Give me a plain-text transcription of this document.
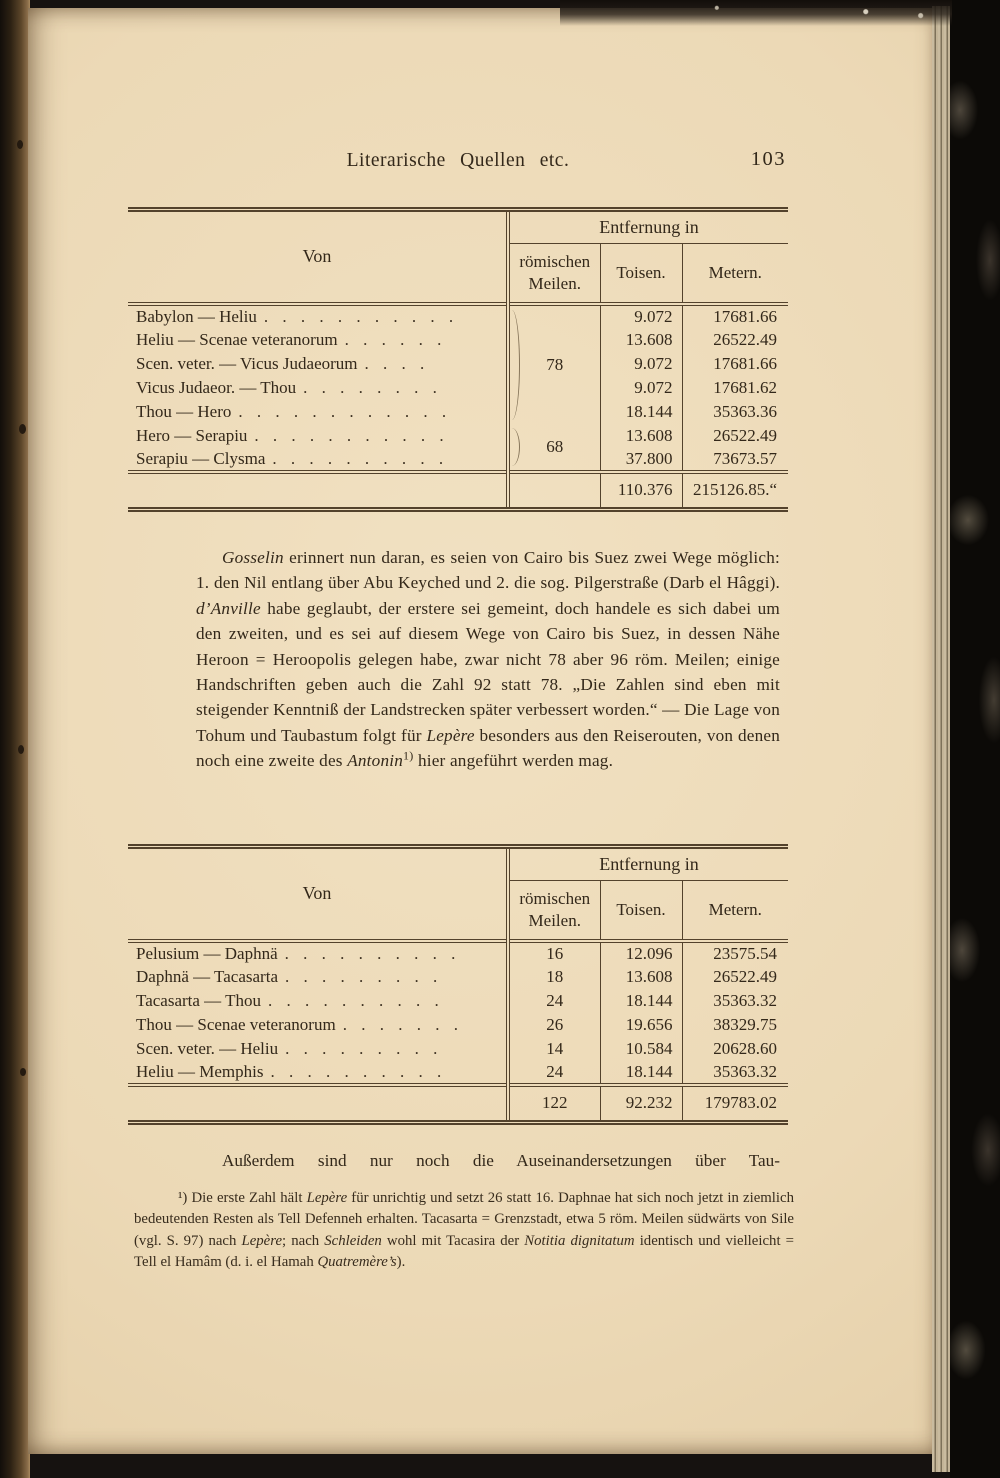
Literarische Quellen etc.	103
Von	Entfernung in		
	römischen Meilen.	Toisen.	Metern.
Babylon — Heliu . . . . . . . . . . .	78	9.072	17681.66
Heliu — Scenae veteranorum . . . . . .		13.608	26522.49
Scen. veter. — Vicus Judaeorum . . . .		9.072	17681.66
Vicus Judaeor. — Thou . . . . . . . .		9.072	17681.62
Thou — Hero . . . . . . . . . . . .		18.144	35363.36
Hero — Serapiu . . . . . . . . . . .	68	13.608	26522.49
Serapiu — Clysma . . . . . . . . . .		37.800	73673.57
		110.376	215126.85.“
Gosselin erinnert nun daran, es seien von Cairo bis Suez zwei Wege möglich: 1. den Nil entlang über Abu Keyched und 2. die sog. Pilgerstraße (Darb el Hâggi). d’Anville habe geglaubt, der erstere sei gemeint, doch handele es sich dabei um den zweiten, und es sei auf diesem Wege von Cairo bis Suez, in dessen Nähe Heroon = Heroopolis gelegen habe, zwar nicht 78 aber 96 röm. Meilen; einige Handschriften geben auch die Zahl 92 statt 78. „Die Zahlen sind eben mit steigender Kenntniß der Landstrecken später verbessert worden.“ — Die Lage von Tohum und Taubastum folgt für Lepère besonders aus den Reiserouten, von denen noch eine zweite des Antonin$^{1)}$ hier angeführt werden mag.
Von	Entfernung in		
	römischen Meilen.	Toisen.	Metern.
Pelusium — Daphnä . . . . . . . . . .	16	12.096	23575.54
Daphnä — Tacasarta . . . . . . . . .	18	13.608	26522.49
Tacasarta — Thou . . . . . . . . . .	24	18.144	35363.32
Thou — Scenae veteranorum . . . . . . .	26	19.656	38329.75
Scen. veter. — Heliu . . . . . . . . .	14	10.584	20628.60
Heliu — Memphis . . . . . . . . . .	24	18.144	35363.32
	122	92.232	179783.02
Außerdem sind nur noch die Auseinandersetzungen über Tau-
¹) Die erste Zahl hält Lepère für unrichtig und setzt 26 statt 16. Daphnae hat sich noch jetzt in ziemlich bedeutenden Resten als Tell Defenneh erhalten. Tacasarta = Grenzstadt, etwa 5 röm. Meilen südwärts von Sile (vgl. S. 97) nach Lepère; nach Schleiden wohl mit Tacasira der Notitia dignitatum identisch und vielleicht = Tell el Hamâm (d. i. el Hamah Quatremère’s).
